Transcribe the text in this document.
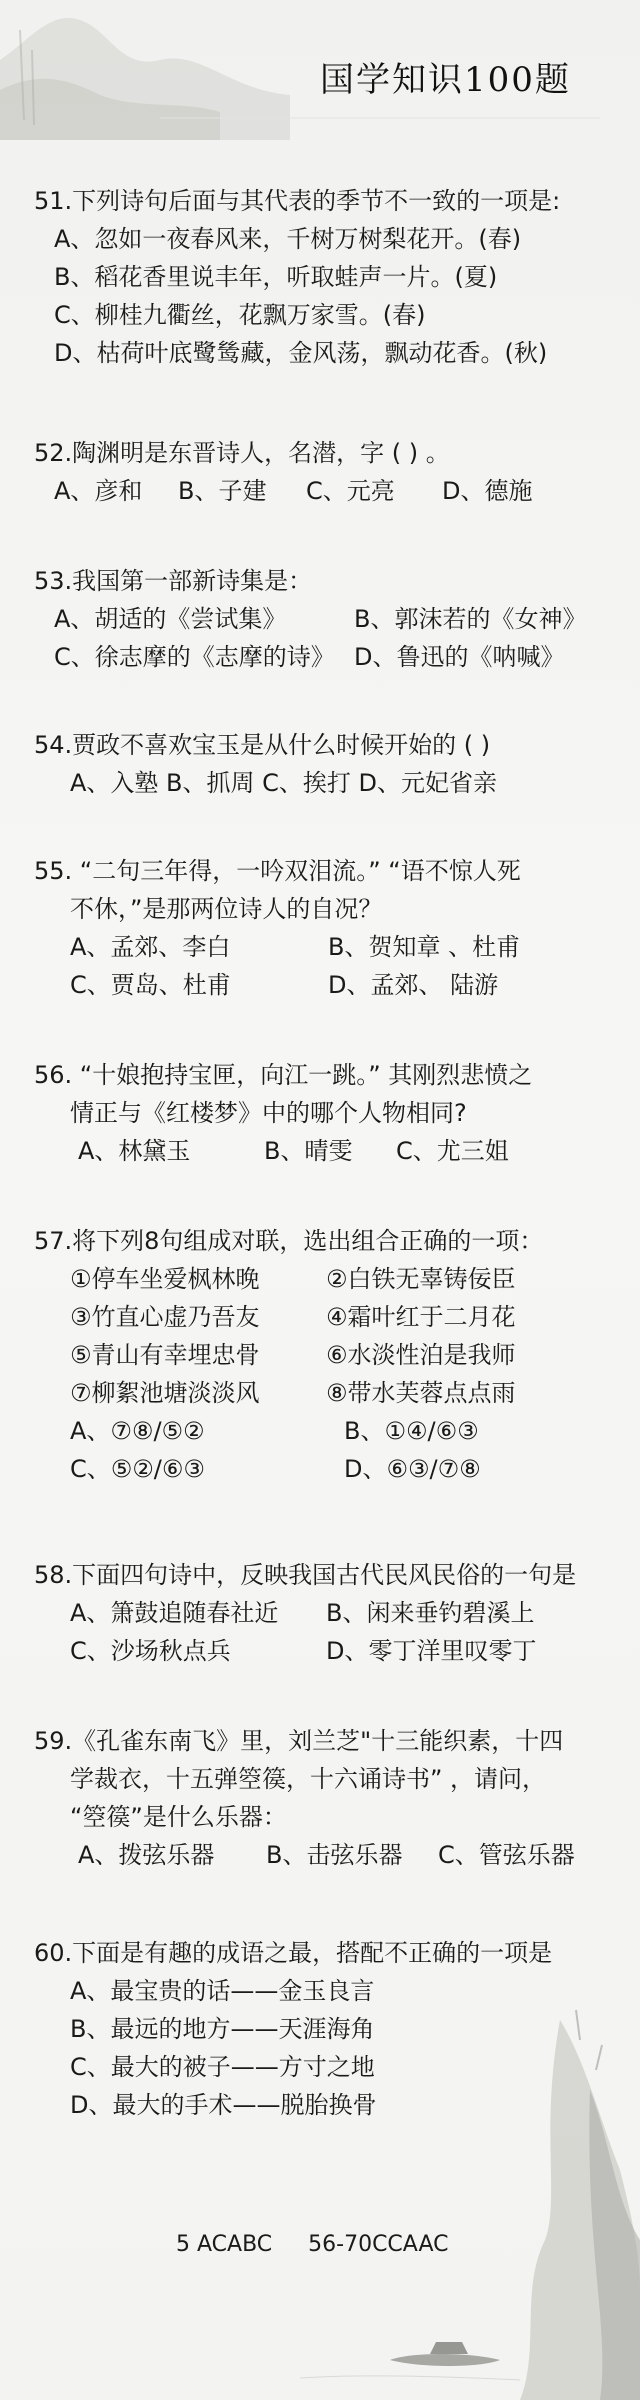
国学知识100题
51.下列诗句后面与其代表的季节不一致的一项是:
A、忽如一夜春风来，千树万树梨花开。(春)
B、稻花香里说丰年，听取蛙声一片。(夏)
C、柳桂九衢丝，花飘万家雪。(春)
D、枯荷叶底鹭鸶藏，金风荡，飘动花香。(秋)
52.陶渊明是东晋诗人，名潜，字 ( ) 。
A、彦和	B、子建	C、元亮	D、德施
53.我国第一部新诗集是：
A、胡适的《尝试集》	B、郭沫若的《女神》
C、徐志摩的《志摩的诗》 D、鲁迅的《呐喊》
54.贾政不喜欢宝玉是从什么时候开始的 ( )
A、入塾 B、抓周 C、挨打 D、元妃省亲
55. “二句三年得，一吟双泪流。” “语不惊人死
不休，”是那两位诗人的自况？
A、孟郊、李白	B、贺知章 、杜甫
C、贾岛、杜甫	D、孟郊、 陆游
56. “十娘抱持宝匣，向江一跳。” 其刚烈悲愤之
情正与《红楼梦》中的哪个人物相同?
A、林黛玉	B、晴雯	C、尤三姐
57.将下列8句组成对联，选出组合正确的一项：
①停车坐爱枫林晚	②白铁无辜铸佞臣
③竹直心虚乃吾友	④霜叶红于二月花
⑤青山有幸埋忠骨	⑥水淡性泊是我师
⑦柳絮池塘淡淡风	⑧带水芙蓉点点雨
A、⑦⑧/⑤②	B、①④/⑥③
C、⑤②/⑥③	D、⑥③/⑦⑧
58.下面四句诗中，反映我国古代民风民俗的一句是
A、箫鼓追随春社近	B、闲来垂钓碧溪上
C、沙场秋点兵	D、零丁洋里叹零丁
59.《孔雀东南飞》里，刘兰芝"十三能织素，十四
学裁衣，十五弹箜篌，十六诵诗书” ，请问，
“箜篌”是什么乐器：
A、拨弦乐器	B、击弦乐器	C、管弦乐器
60.下面是有趣的成语之最，搭配不正确的一项是
A、最宝贵的话——金玉良言
B、最远的地方——天涯海角
C、最大的被子——方寸之地
D、最大的手术——脱胎换骨
5 ACABC 56-70CCAAC
